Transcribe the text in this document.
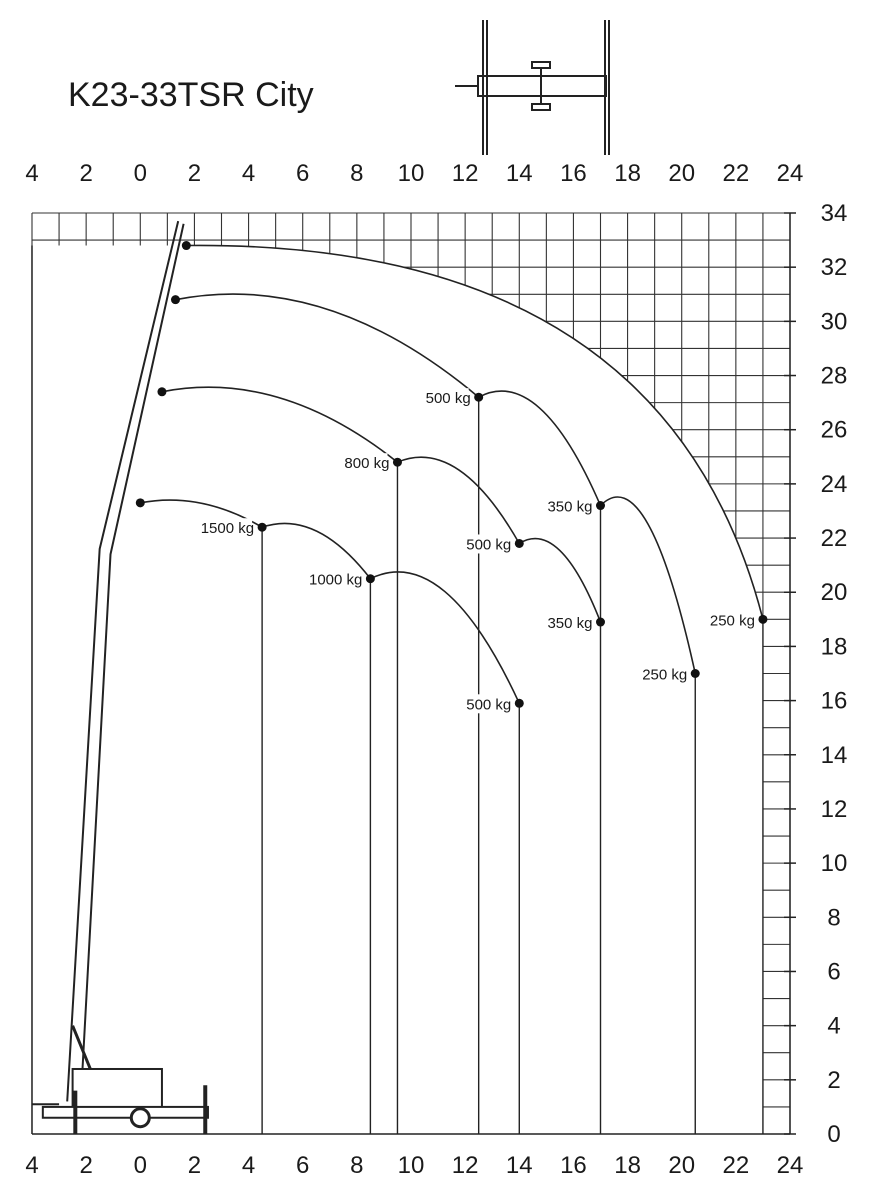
K23-33TSR City
1500 kg
1000 kg
500 kg
800 kg
500 kg
350 kg
500 kg
350 kg
250 kg
250 kg
4
4
2
2
0
0
2
2
4
4
6
6
8
8
10
10
12
12
14
14
16
16
18
18
20
20
22
22
24
24
0
2
4
6
8
10
12
14
16
18
20
22
24
26
28
30
32
34
